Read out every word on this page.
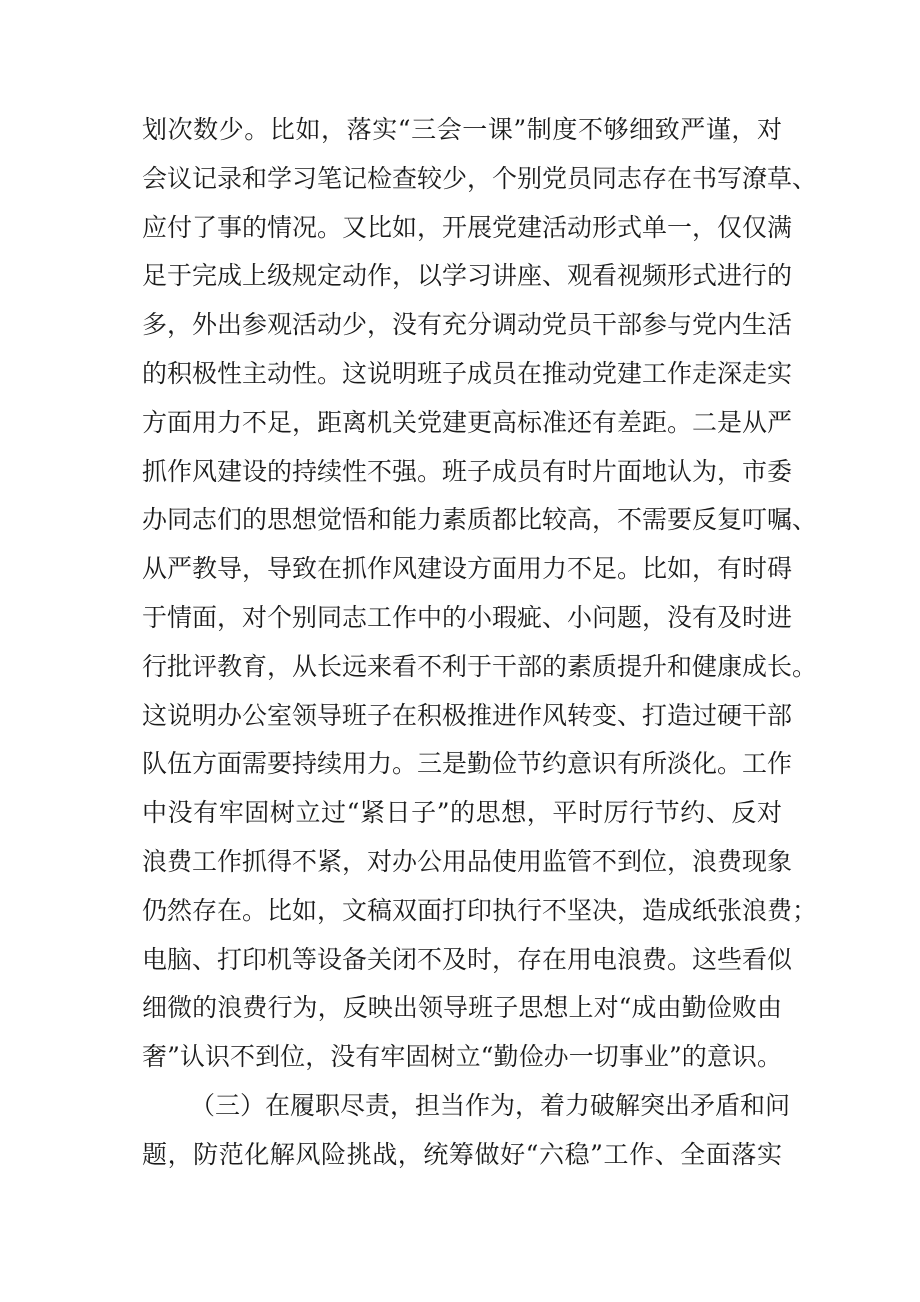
划次数少。比如，落实“三会一课”制度不够细致严谨，对
会议记录和学习笔记检查较少，个别党员同志存在书写潦草、
应付了事的情况。又比如，开展党建活动形式单一，仅仅满
足于完成上级规定动作，以学习讲座、观看视频形式进行的
多，外出参观活动少，没有充分调动党员干部参与党内生活
的积极性主动性。这说明班子成员在推动党建工作走深走实
方面用力不足，距离机关党建更高标准还有差距。二是从严
抓作风建设的持续性不强。班子成员有时片面地认为，市委
办同志们的思想觉悟和能力素质都比较高，不需要反复叮嘱、
从严教导，导致在抓作风建设方面用力不足。比如，有时碍
于情面，对个别同志工作中的小瑕疵、小问题，没有及时进
行批评教育，从长远来看不利于干部的素质提升和健康成长。
这说明办公室领导班子在积极推进作风转变、打造过硬干部
队伍方面需要持续用力。三是勤俭节约意识有所淡化。工作
中没有牢固树立过“紧日子”的思想，平时厉行节约、反对
浪费工作抓得不紧，对办公用品使用监管不到位，浪费现象
仍然存在。比如，文稿双面打印执行不坚决，造成纸张浪费；
电脑、打印机等设备关闭不及时，存在用电浪费。这些看似
细微的浪费行为，反映出领导班子思想上对“成由勤俭败由
奢”认识不到位，没有牢固树立“勤俭办一切事业”的意识。
（三）在履职尽责，担当作为，着力破解突出矛盾和问
题，防范化解风险挑战，统筹做好“六稳”工作、全面落实
